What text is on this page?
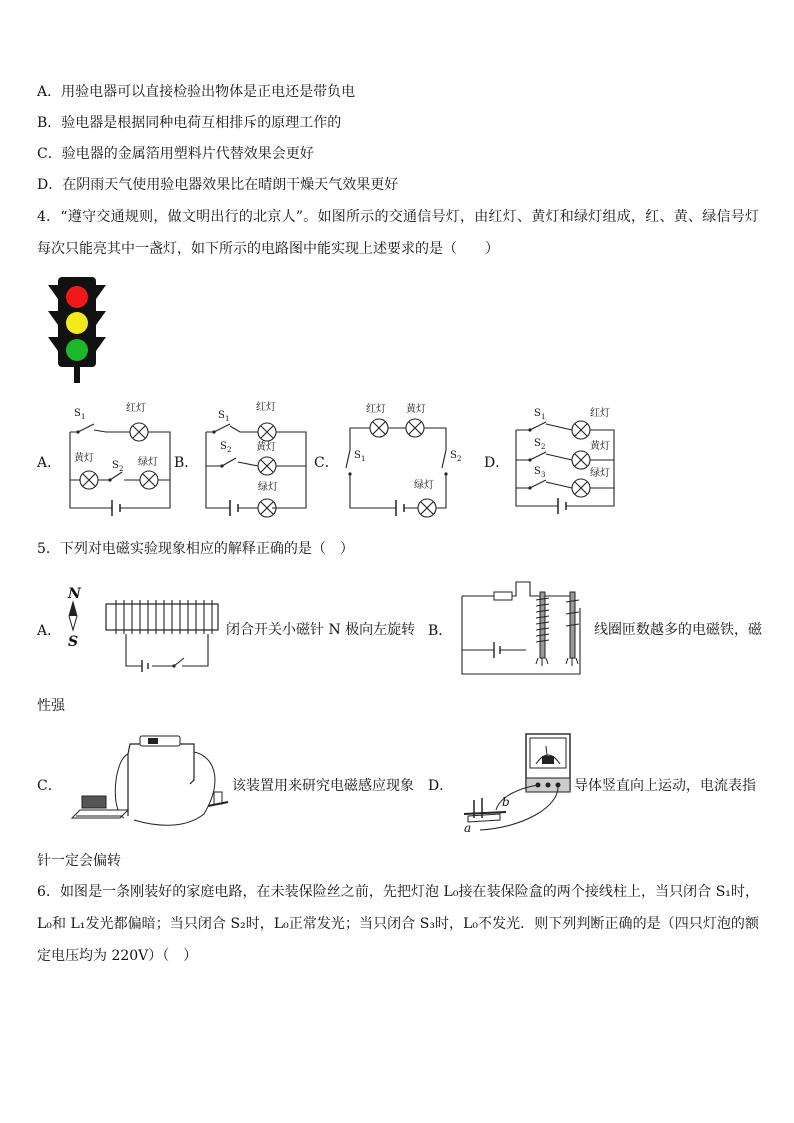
A．用验电器可以直接检验出物体是正电还是带负电
B．验电器是根据同种电荷互相排斥的原理工作的
C．验电器的金属箔用塑料片代替效果会更好
D．在阴雨天气使用验电器效果比在晴朗干燥天气效果更好
4．“遵守交通规则，做文明出行的北京人”。如图所示的交通信号灯，由红灯、黄灯和绿灯组成，红、黄、绿信号灯每次只能亮其中一盏灯，如下所示的电路图中能实现上述要求的是（　　）
A．	B．	C．	D．
S 1
红灯
黄灯
S 2
绿灯
S 1
红灯
S 2 黄灯
绿灯
红灯 黄灯
S 1	S 2
绿灯
S 1	红灯
S 2	黄灯
S 3	绿灯
5．下列对电磁实验现象相应的解释正确的是（　）
A．
N
S
闭合开关小磁针 N 极向左旋转 B．	线圈匝数越多的电磁铁，磁
性强
C．	该装置用来研究电磁感应现象 D．
b
a
导体竖直向上运动，电流表指
针一定会偏转
6．如图是一条刚装好的家庭电路，在未装保险丝之前，先把灯泡 L₀接在装保险盒的两个接线柱上，当只闭合 S₁时，L₀和 L₁发光都偏暗；当只闭合 S₂时，L₀正常发光；当只闭合 S₃时，L₀不发光．则下列判断正确的是（四只灯泡的额定电压均为 220V）（　）
